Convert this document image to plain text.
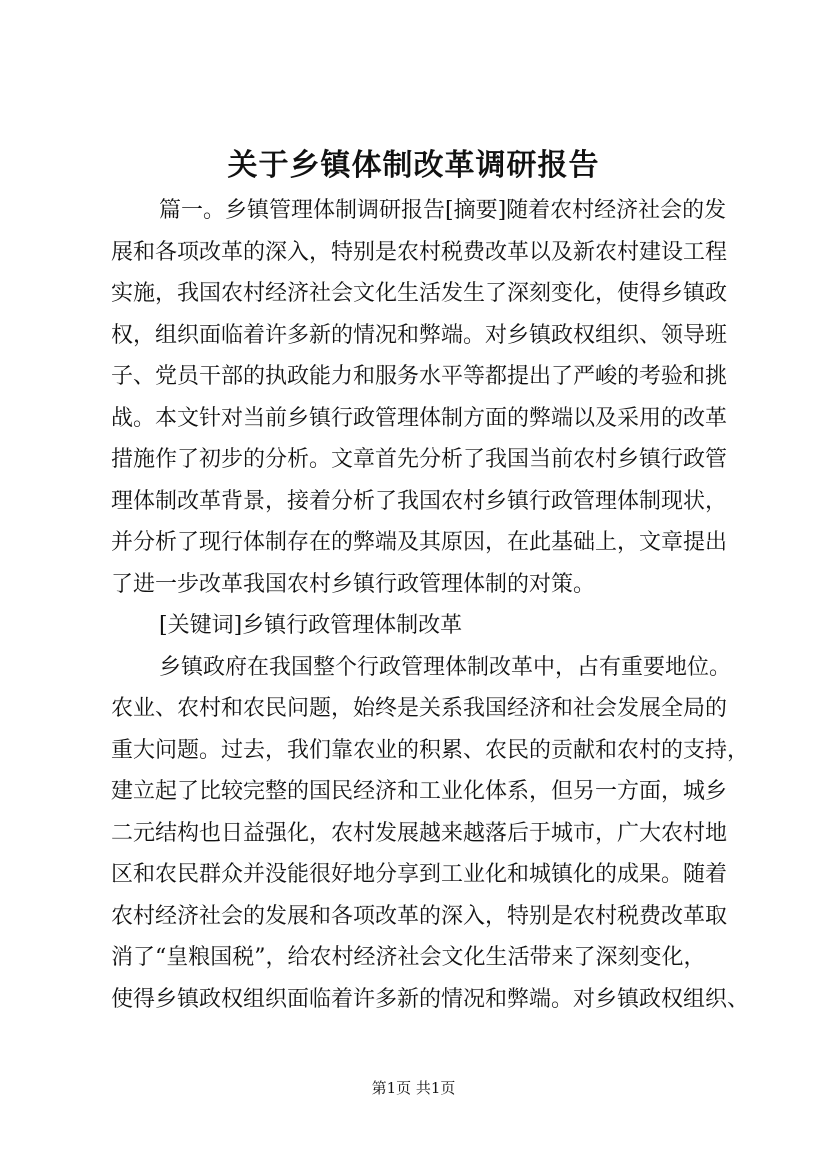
关于乡镇体制改革调研报告
篇一。乡镇管理体制调研报告[摘要]随着农村经济社会的发
展和各项改革的深入，特别是农村税费改革以及新农村建设工程
实施，我国农村经济社会文化生活发生了深刻变化，使得乡镇政
权，组织面临着许多新的情况和弊端。对乡镇政权组织、领导班
子、党员干部的执政能力和服务水平等都提出了严峻的考验和挑
战。本文针对当前乡镇行政管理体制方面的弊端以及采用的改革
措施作了初步的分析。文章首先分析了我国当前农村乡镇行政管
理体制改革背景，接着分析了我国农村乡镇行政管理体制现状，
并分析了现行体制存在的弊端及其原因，在此基础上，文章提出
了进一步改革我国农村乡镇行政管理体制的对策。
[关键词]乡镇行政管理体制改革
乡镇政府在我国整个行政管理体制改革中，占有重要地位。
农业、农村和农民问题，始终是关系我国经济和社会发展全局的
重大问题。过去，我们靠农业的积累、农民的贡献和农村的支持，
建立起了比较完整的国民经济和工业化体系，但另一方面，城乡
二元结构也日益强化，农村发展越来越落后于城市，广大农村地
区和农民群众并没能很好地分享到工业化和城镇化的成果。随着
农村经济社会的发展和各项改革的深入，特别是农村税费改革取
消了“皇粮国税”，给农村经济社会文化生活带来了深刻变化，
使得乡镇政权组织面临着许多新的情况和弊端。对乡镇政权组织、
第1页 共1页
